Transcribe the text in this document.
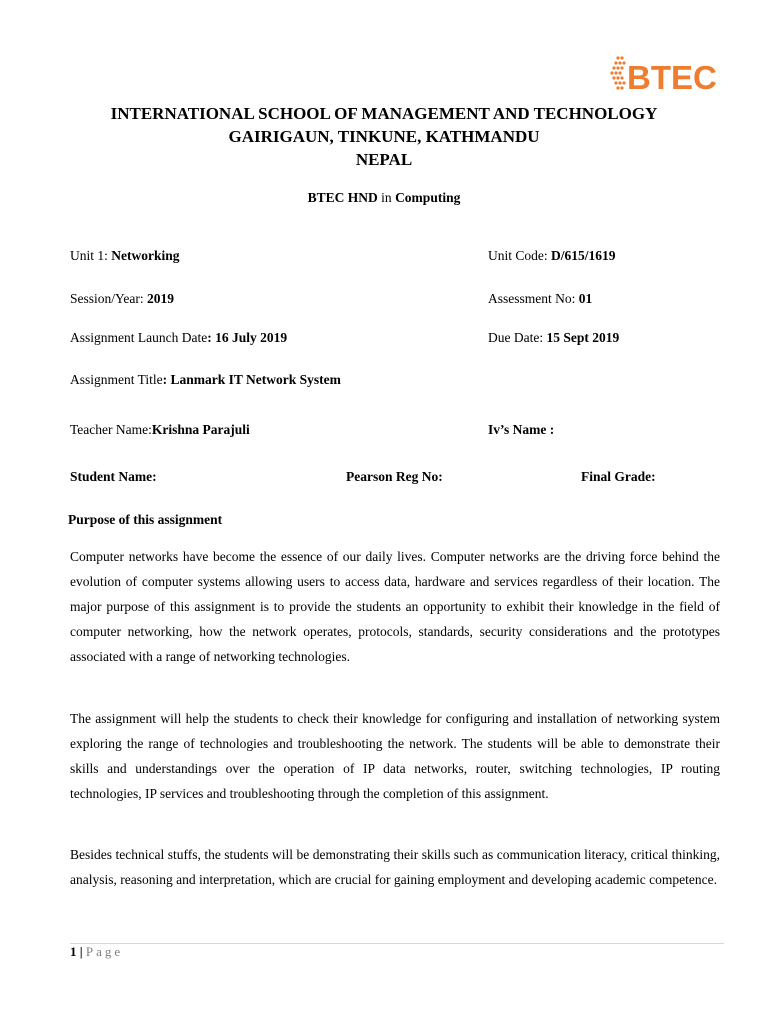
BTEC
INTERNATIONAL SCHOOL OF MANAGEMENT AND TECHNOLOGY
GAIRIGAUN, TINKUNE, KATHMANDU
NEPAL
BTEC HND in Computing
Unit 1: Networking	Unit Code: D/615/1619
Session/Year: 2019	Assessment No: 01
Assignment Launch Date: 16 July 2019	Due Date: 15 Sept 2019
Assignment Title: Lanmark IT Network System
Teacher Name:Krishna Parajuli	Iv’s Name :
Student Name:	Pearson Reg No:	Final Grade:
Purpose of this assignment

Computer networks have become the essence of our daily lives. Computer networks are the driving force behind the evolution of computer systems allowing users to access data, hardware and services regardless of their location. The major purpose of this assignment is to provide the students an opportunity to exhibit their knowledge in the field of computer networking, how the network operates, protocols, standards, security considerations and the prototypes associated with a range of networking technologies.

The assignment will help the students to check their knowledge for configuring and installation of networking system exploring the range of technologies and troubleshooting the network. The students will be able to demonstrate their skills and understandings over the operation of IP data networks, router, switching technologies, IP routing technologies, IP services and troubleshooting through the completion of this assignment.

Besides technical stuffs, the students will be demonstrating their skills such as communication literacy, critical thinking, analysis, reasoning and interpretation, which are crucial for gaining employment and developing academic competence.

1 | Page
